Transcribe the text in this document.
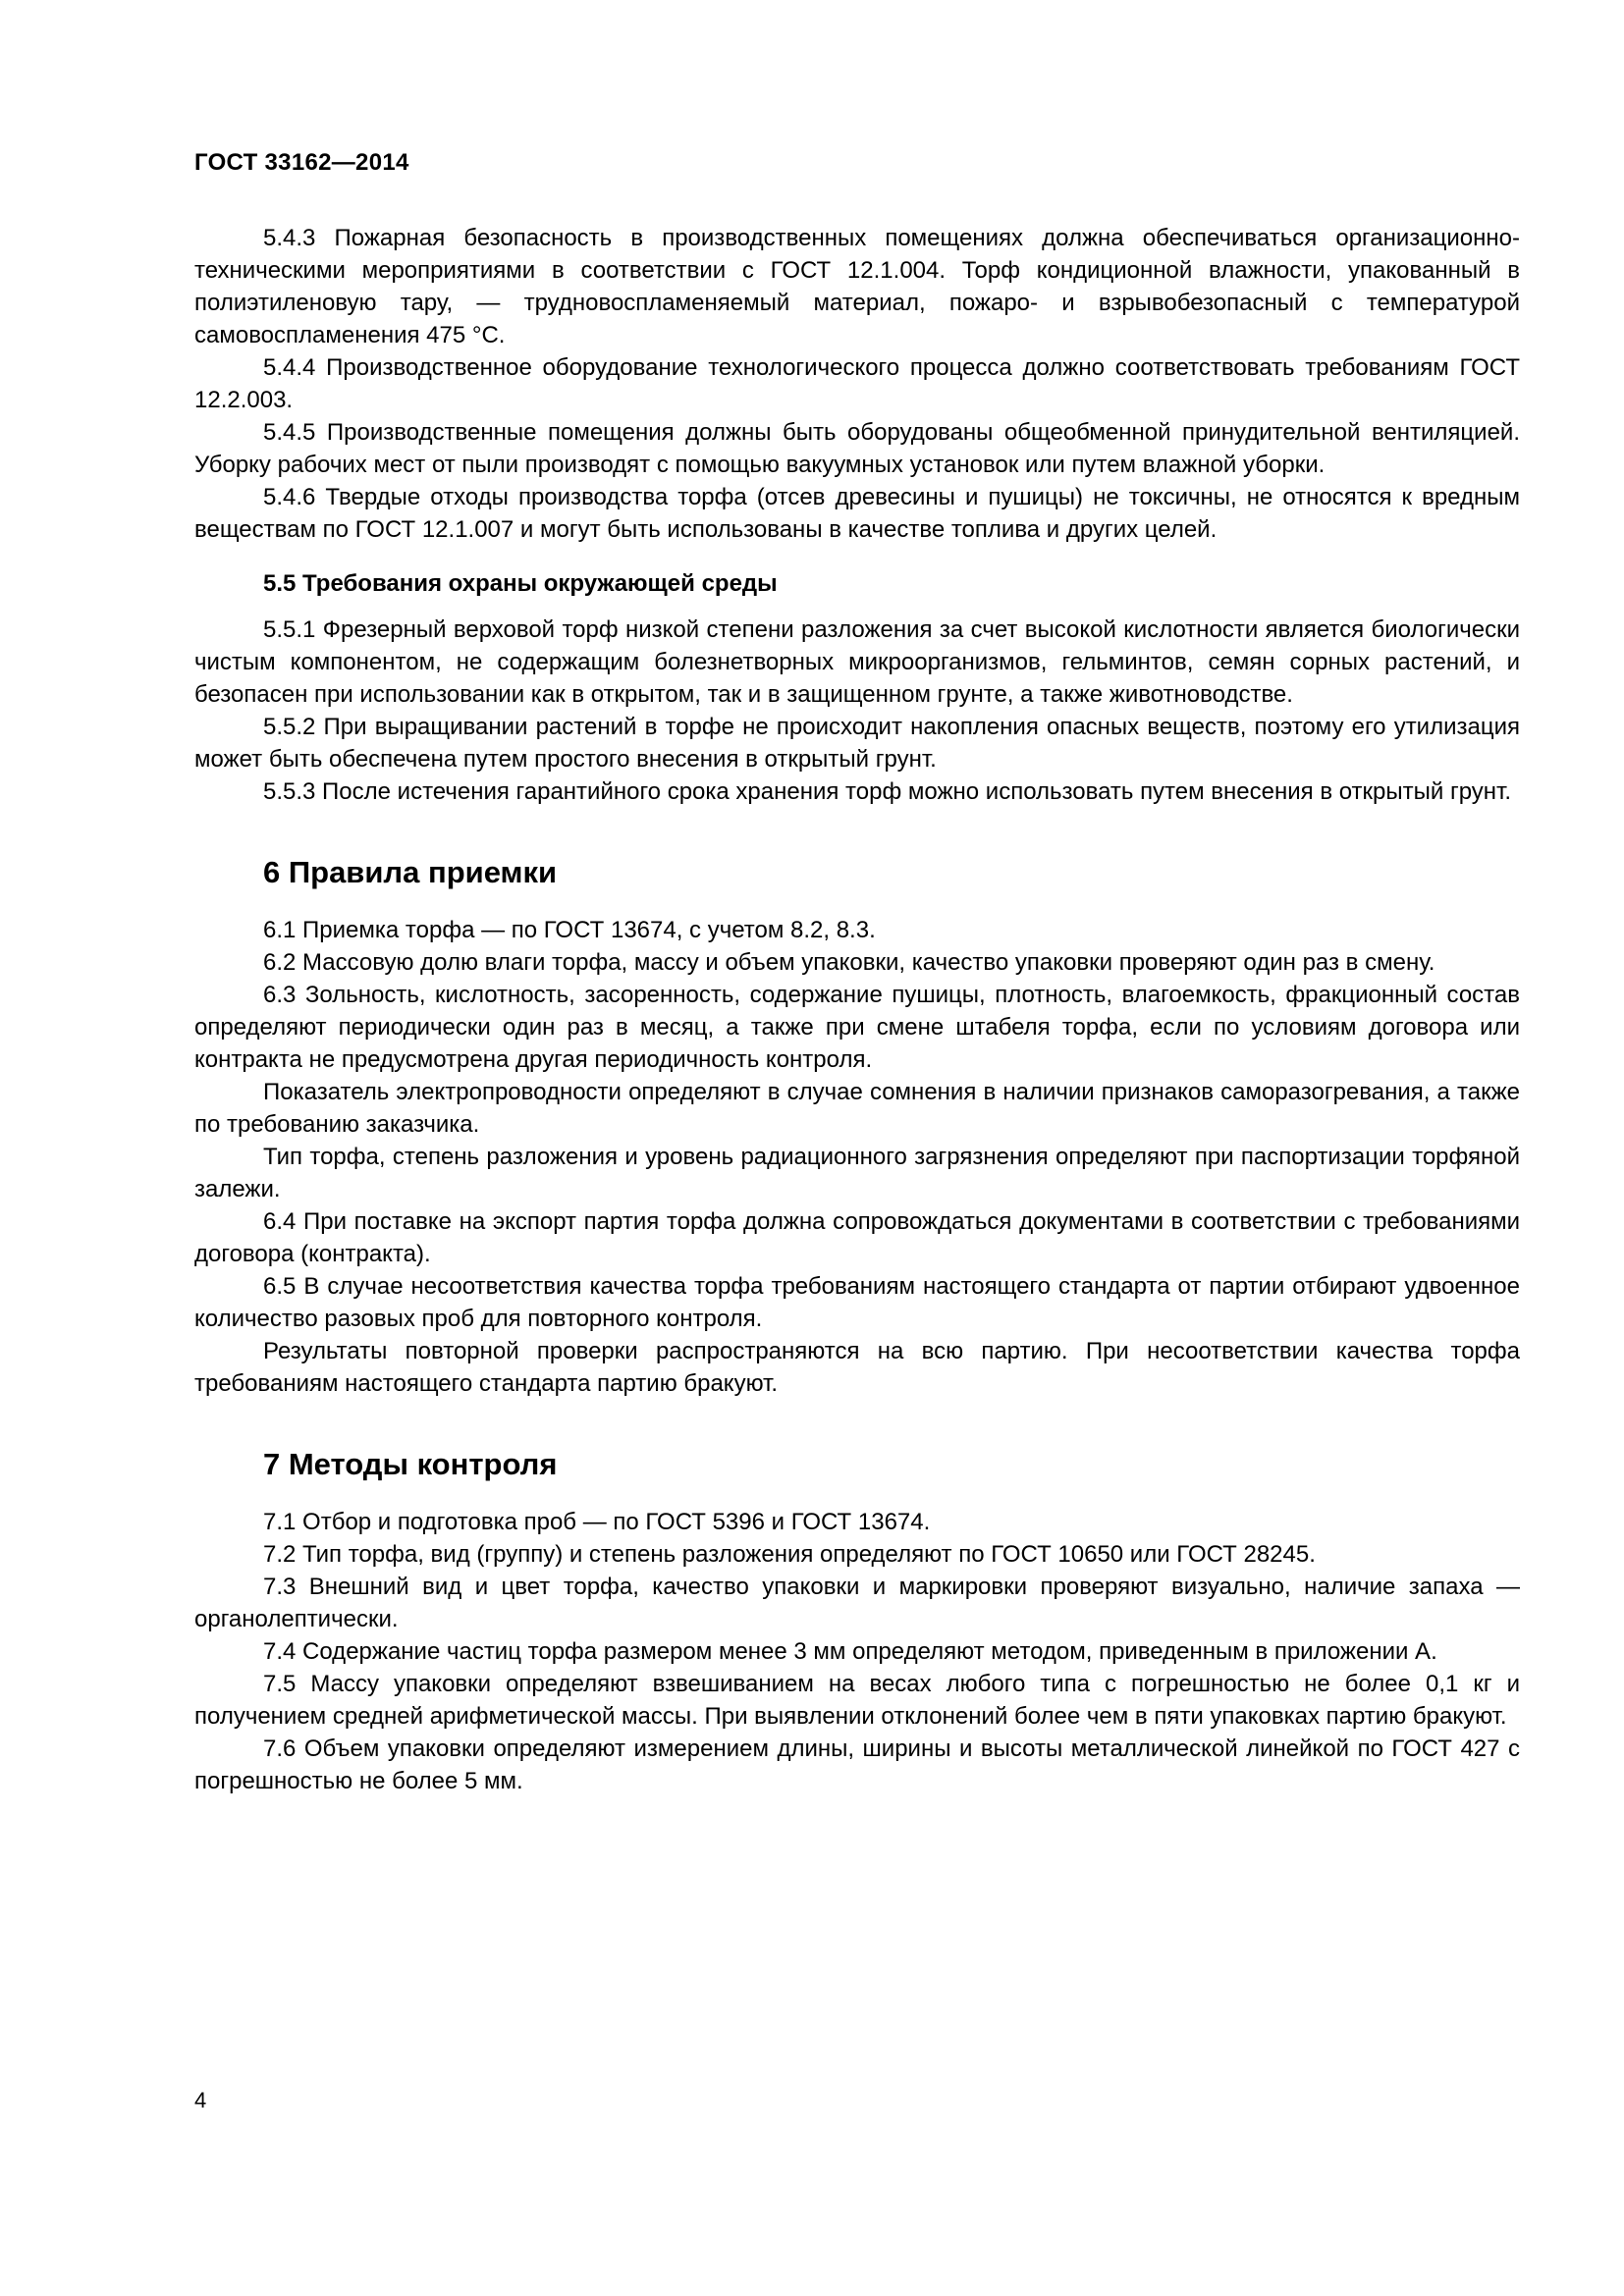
ГОСТ 33162—2014

5.4.3 Пожарная безопасность в производственных помещениях должна обеспечиваться организационно-техническими мероприятиями в соответствии с ГОСТ 12.1.004. Торф кондиционной влажности, упакованный в полиэтиленовую тару, — трудновоспламеняемый материал, пожаро- и взрывобезопасный с температурой самовоспламенения 475 °С.

5.4.4 Производственное оборудование технологического процесса должно соответствовать требованиям ГОСТ 12.2.003.

5.4.5 Производственные помещения должны быть оборудованы общеобменной принудительной вентиляцией. Уборку рабочих мест от пыли производят с помощью вакуумных установок или путем влажной уборки.

5.4.6 Твердые отходы производства торфа (отсев древесины и пушицы) не токсичны, не относятся к вредным веществам по ГОСТ 12.1.007 и могут быть использованы в качестве топлива и других целей.

5.5 Требования охраны окружающей среды

5.5.1 Фрезерный верховой торф низкой степени разложения за счет высокой кислотности является биологически чистым компонентом, не содержащим болезнетворных микроорганизмов, гельминтов, семян сорных растений, и безопасен при использовании как в открытом, так и в защищенном грунте, а также животноводстве.

5.5.2 При выращивании растений в торфе не происходит накопления опасных веществ, поэтому его утилизация может быть обеспечена путем простого внесения в открытый грунт.

5.5.3 После истечения гарантийного срока хранения торф можно использовать путем внесения в открытый грунт.

6 Правила приемки

6.1 Приемка торфа — по ГОСТ 13674, с учетом 8.2, 8.3.

6.2 Массовую долю влаги торфа, массу и объем упаковки, качество упаковки проверяют один раз в смену.

6.3 Зольность, кислотность, засоренность, содержание пушицы, плотность, влагоемкость, фракционный состав определяют периодически один раз в месяц, а также при смене штабеля торфа, если по условиям договора или контракта не предусмотрена другая периодичность контроля.

Показатель электропроводности определяют в случае сомнения в наличии признаков саморазогревания, а также по требованию заказчика.

Тип торфа, степень разложения и уровень радиационного загрязнения определяют при паспортизации торфяной залежи.

6.4 При поставке на экспорт партия торфа должна сопровождаться документами в соответствии с требованиями договора (контракта).

6.5 В случае несоответствия качества торфа требованиям настоящего стандарта от партии отбирают удвоенное количество разовых проб для повторного контроля.

Результаты повторной проверки распространяются на всю партию. При несоответствии качества торфа требованиям настоящего стандарта партию бракуют.

7 Методы контроля

7.1 Отбор и подготовка проб — по ГОСТ 5396 и ГОСТ 13674.

7.2 Тип торфа, вид (группу) и степень разложения определяют по ГОСТ 10650 или ГОСТ 28245.

7.3 Внешний вид и цвет торфа, качество упаковки и маркировки проверяют визуально, наличие запаха — органолептически.

7.4 Содержание частиц торфа размером менее 3 мм определяют методом, приведенным в приложении А.

7.5 Массу упаковки определяют взвешиванием на весах любого типа с погрешностью не более 0,1 кг и получением средней арифметической массы. При выявлении отклонений более чем в пяти упаковках партию бракуют.

7.6 Объем упаковки определяют измерением длины, ширины и высоты металлической линейкой по ГОСТ 427 с погрешностью не более 5 мм.

4
